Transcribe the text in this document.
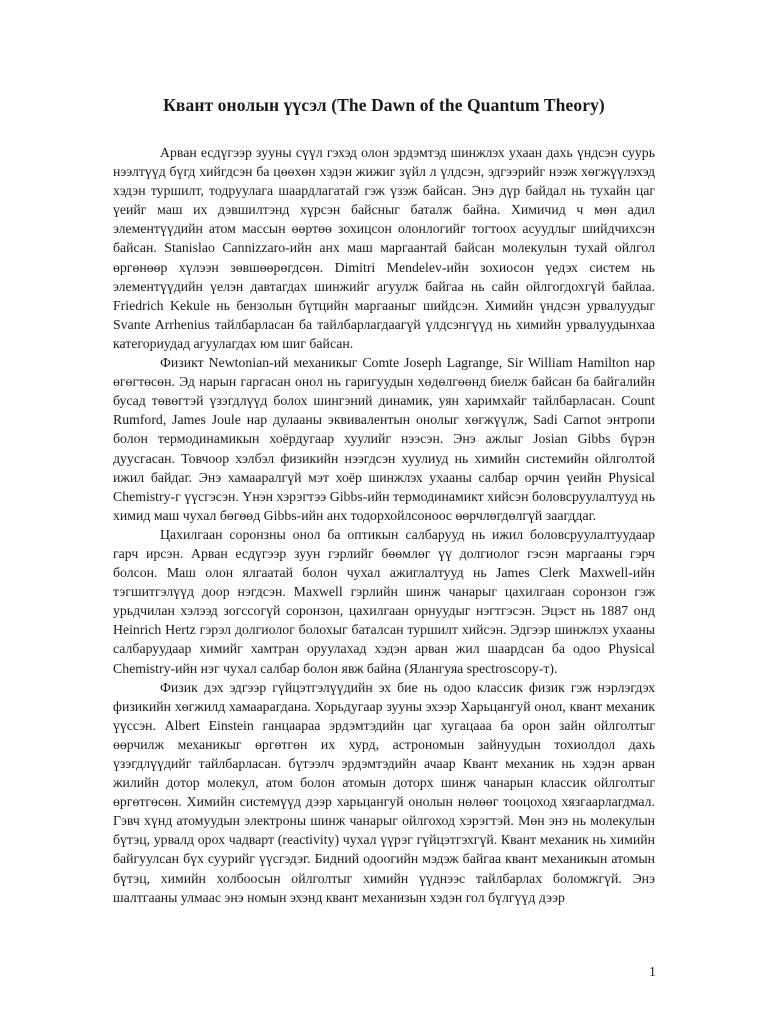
Квант онолын үүсэл (The Dawn of the Quantum Theory)

Арван есдүгээр зууны сүүл гэхэд олон эрдэмтэд шинжлэх ухаан дахь үндсэн суурь нээлтүүд бүгд хийгдсэн ба цөөхөн хэдэн жижиг зүйл л үлдсэн, эдгээрийг нээж хөгжүүлэхэд хэдэн туршилт, тодруулага шаардлагатай гэж үзэж байсан. Энэ дүр байдал нь тухайн цаг үеийг маш их дэвшилтэнд хүрсэн байсныг баталж байна. Химичид ч мөн адил элементүүдийн атом массын өөртөө зохицсон олонлогийг тогтоох асуудлыг шийдчихсэн байсан. Stanislao Cannizzaro-ийн анх маш маргаантай байсан молекулын тухай ойлгол өргөнөөр хүлээн зөвшөөрөгдсөн. Dimitri Mendelev-ийн зохиосон үедэх систем нь элементүүдийн үелэн давтагдах шинжийг агуулж байгаа нь сайн ойлгогдохгүй байлаа. Friedrich Kekule нь бензолын бүтцийн маргааныг шийдсэн. Химийн үндсэн урвалуудыг Svante Arrhenius тайлбарласан ба тайлбарлагдаагүй үлдсэнгүүд нь химийн урвалуудынхаа категориудад агуулагдах юм шиг байсан.

Физикт Newtonian-ий механикыг Comte Joseph Lagrange, Sir William Hamilton нар өгөгтөсөн. Эд нарын гаргасан онол нь гаригуудын хөдөлгөөнд биелж байсан ба байгалийн бусад төвөгтэй үзэгдлүүд болох шингэний динамик, уян харимхайг тайлбарласан. Count Rumford, James Joule нар дулааны эквивалентын онолыг хөгжүүлж, Sadi Carnot энтропи болон термодинамикын хоёрдугаар хуулийг нээсэн. Энэ ажлыг Josian Gibbs бүрэн дуусгасан. Товчоор хэлбэл физикийн нээгдсэн хуулиуд нь химийн системийн ойлголтой ижил байдаг. Энэ хамааралгүй мэт хоёр шинжлэх ухааны салбар орчин үеийн Physical Chemistry-г үүсгэсэн. Үнэн хэрэгтээ Gibbs-ийн термодинамикт хийсэн боловсруулалтууд нь химид маш чухал бөгөөд Gibbs-ийн анх тодорхойлсоноос өөрчлөгдөлгүй заагддаг.

Цахилгаан соронзны онол ба оптикын салбарууд нь ижил боловсруулалтуудаар гарч ирсэн. Арван есдүгээр зуун гэрлийг бөөмлөг үү долгиолог гэсэн маргааны гэрч болсон. Маш олон ялгаатай болон чухал ажиглалтууд нь James Clerk Maxwell-ийн тэгшитгэлүүд доор нэгдсэн. Maxwell гэрлийн шинж чанарыг цахилгаан соронзон гэж урьдчилан хэлээд зогссогүй соронзон, цахилгаан орнуудыг нэгтгэсэн. Эцэст нь 1887 онд Heinrich Hertz гэрэл долгиолог болохыг баталсан туршилт хийсэн. Эдгээр шинжлэх ухааны салбаруудаар химийг хамтран оруулахад хэдэн арван жил шаардсан ба одоо Physical Chemistry-ийн нэг чухал салбар болон явж байна (Ялангуяа spectroscopy-т).

Физик дэх эдгээр гүйцэтгэлүүдийн эх бие нь одоо классик физик гэж нэрлэгдэх физикийн хөгжилд хамаарагдана. Хорьдугаар зууны эхээр Харьцангуй онол, квант механик үүссэн. Albert Einstein ганцаараа эрдэмтэдийн цаг хугацааа ба орон зайн ойлголтыг өөрчилж механикыг өргөтгөн их хурд, астрономын зайнуудын тохиолдол дахь үзэгдлүүдийг тайлбарласан. бүтээлч эрдэмтэдийн ачаар Квант механик нь хэдэн арван жилийн дотор молекул, атом болон атомын доторх шинж чанарын классик ойлголтыг өргөтгөсөн. Химийн системүүд дээр харьцангуй онолын нөлөөг тооцоход хязгаарлагдмал. Гэвч хүнд атомуудын электроны шинж чанарыг ойлгоход хэрэгтэй. Мөн энэ нь молекулын бүтэц, урвалд орох чадварт (reactivity) чухал үүрэг гүйцэтгэхгүй. Квант механик нь химийн байгуулсан бүх суурийг үүсгэдэг. Бидний одоогийн мэдэж байгаа квант механикын атомын бүтэц, химийн холбоосын ойлголтыг химийн үүднээс тайлбарлах боломжгүй. Энэ шалтгааны улмаас энэ номын эхэнд квант механизын хэдэн гол бүлгүүд дээр

1
